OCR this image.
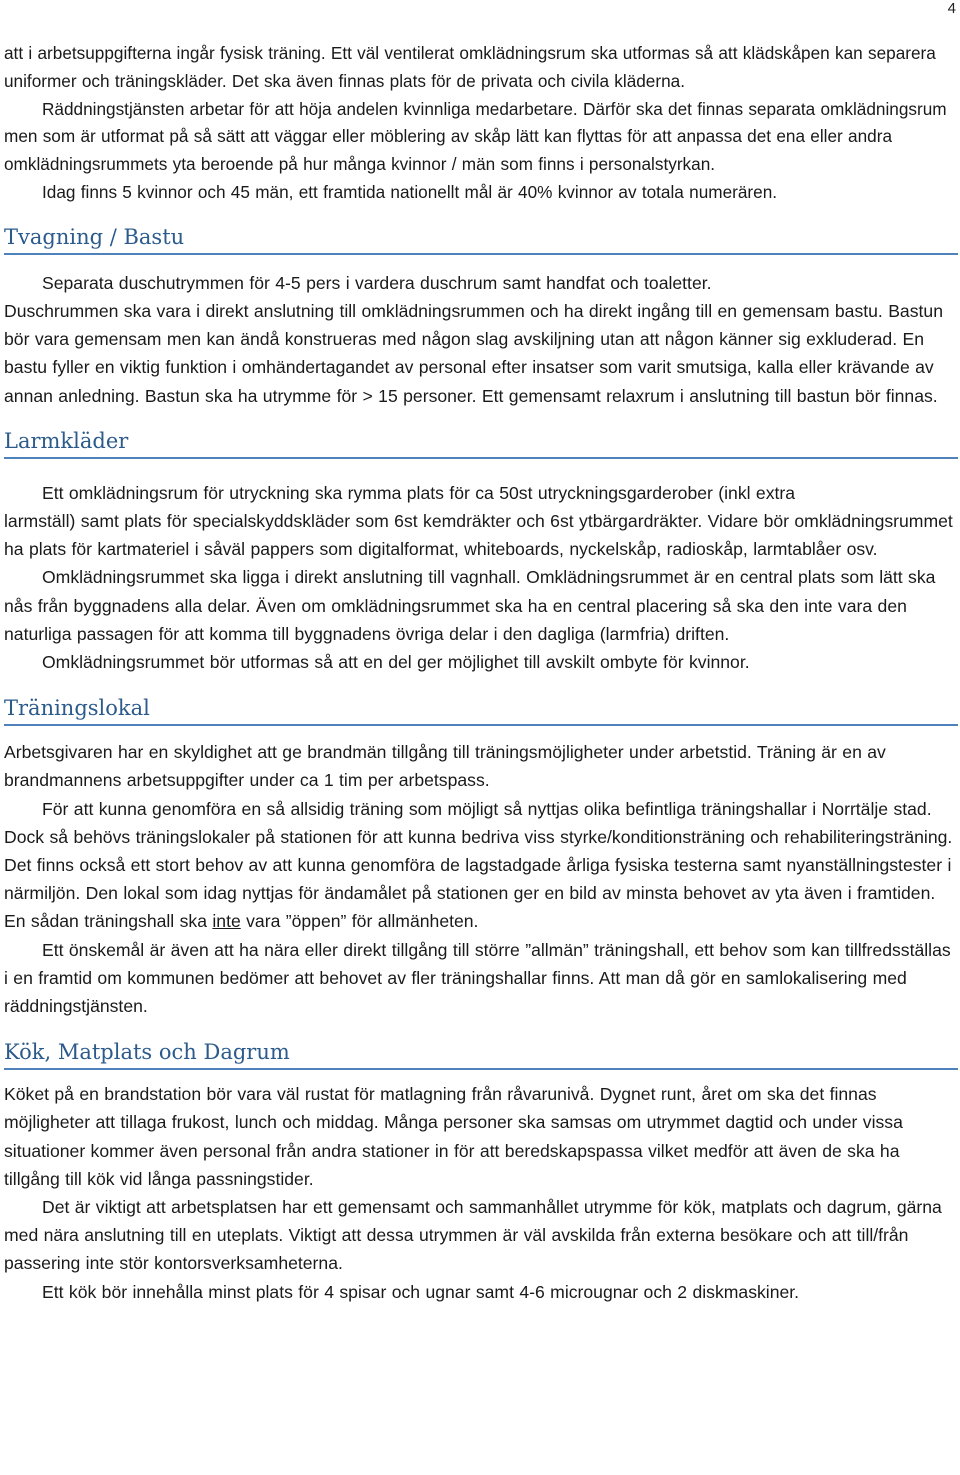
4

att i arbetsuppgifterna ingår fysisk träning. Ett väl ventilerat omklädningsrum ska utformas så att klädskåpen kan separera uniformer och träningskläder. Det ska även finnas plats för de privata och civila kläderna.

Räddningstjänsten arbetar för att höja andelen kvinnliga medarbetare. Därför ska det finnas separata omklädningsrum men som är utformat på så sätt att väggar eller möblering av skåp lätt kan flyttas för att anpassa det ena eller andra omklädningsrummets yta beroende på hur många kvinnor / män som finns i personalstyrkan.

Idag finns 5 kvinnor och 45 män, ett framtida nationellt mål är 40% kvinnor av totala numerären.

Tvagning / Bastu

Separata duschutrymmen för 4-5 pers i vardera duschrum samt handfat och toaletter.

Duschrummen ska vara i direkt anslutning till omklädningsrummen och ha direkt ingång till en gemensam bastu. Bastun bör vara gemensam men kan ändå konstrueras med någon slag avskiljning utan att någon känner sig exkluderad. En bastu fyller en viktig funktion i omhändertagandet av personal efter insatser som varit smutsiga, kalla eller krävande av annan anledning. Bastun ska ha utrymme för > 15 personer. Ett gemensamt relaxrum i anslutning till bastun bör finnas.

Larmkläder

Ett omklädningsrum för utryckning ska rymma plats för ca 50st utryckningsgarderober (inkl extra
larmställ) samt plats för specialskyddskläder som 6st kemdräkter och 6st ytbärgardräkter. Vidare bör omklädningsrummet ha plats för kartmateriel i såväl pappers som digitalformat, whiteboards, nyckelskåp, radioskåp, larmtablåer osv.

Omklädningsrummet ska ligga i direkt anslutning till vagnhall. Omklädningsrummet är en central plats som lätt ska nås från byggnadens alla delar. Även om omklädningsrummet ska ha en central placering så ska den inte vara den naturliga passagen för att komma till byggnadens övriga delar i den dagliga (larmfria) driften.

Omklädningsrummet bör utformas så att en del ger möjlighet till avskilt ombyte för kvinnor.

Träningslokal

Arbetsgivaren har en skyldighet att ge brandmän tillgång till träningsmöjligheter under arbetstid. Träning är en av brandmannens arbetsuppgifter under ca 1 tim per arbetspass.

För att kunna genomföra en så allsidig träning som möjligt så nyttjas olika befintliga träningshallar i Norrtälje stad. Dock så behövs träningslokaler på stationen för att kunna bedriva viss styrke/konditionsträning och rehabiliteringsträning. Det finns också ett stort behov av att kunna genomföra de lagstadgade årliga fysiska testerna samt nyanställningstester i närmiljön. Den lokal som idag nyttjas för ändamålet på stationen ger en bild av minsta behovet av yta även i framtiden. En sådan träningshall ska inte vara ”öppen” för allmänheten.

Ett önskemål är även att ha nära eller direkt tillgång till större ”allmän” träningshall, ett behov som kan tillfredsställas i en framtid om kommunen bedömer att behovet av fler träningshallar finns. Att man då gör en samlokalisering med räddningstjänsten.

Kök, Matplats och Dagrum

Köket på en brandstation bör vara väl rustat för matlagning från råvarunivå. Dygnet runt, året om ska det finnas möjligheter att tillaga frukost, lunch och middag. Många personer ska samsas om utrymmet dagtid och under vissa situationer kommer även personal från andra stationer in för att beredskapspassa vilket medför att även de ska ha tillgång till kök vid långa passningstider.

Det är viktigt att arbetsplatsen har ett gemensamt och sammanhållet utrymme för kök, matplats och dagrum, gärna med nära anslutning till en uteplats. Viktigt att dessa utrymmen är väl avskilda från externa besökare och att till/från passering inte stör kontorsverksamheterna.

Ett kök bör innehålla minst plats för 4 spisar och ugnar samt 4-6 microugnar och 2 diskmaskiner.
